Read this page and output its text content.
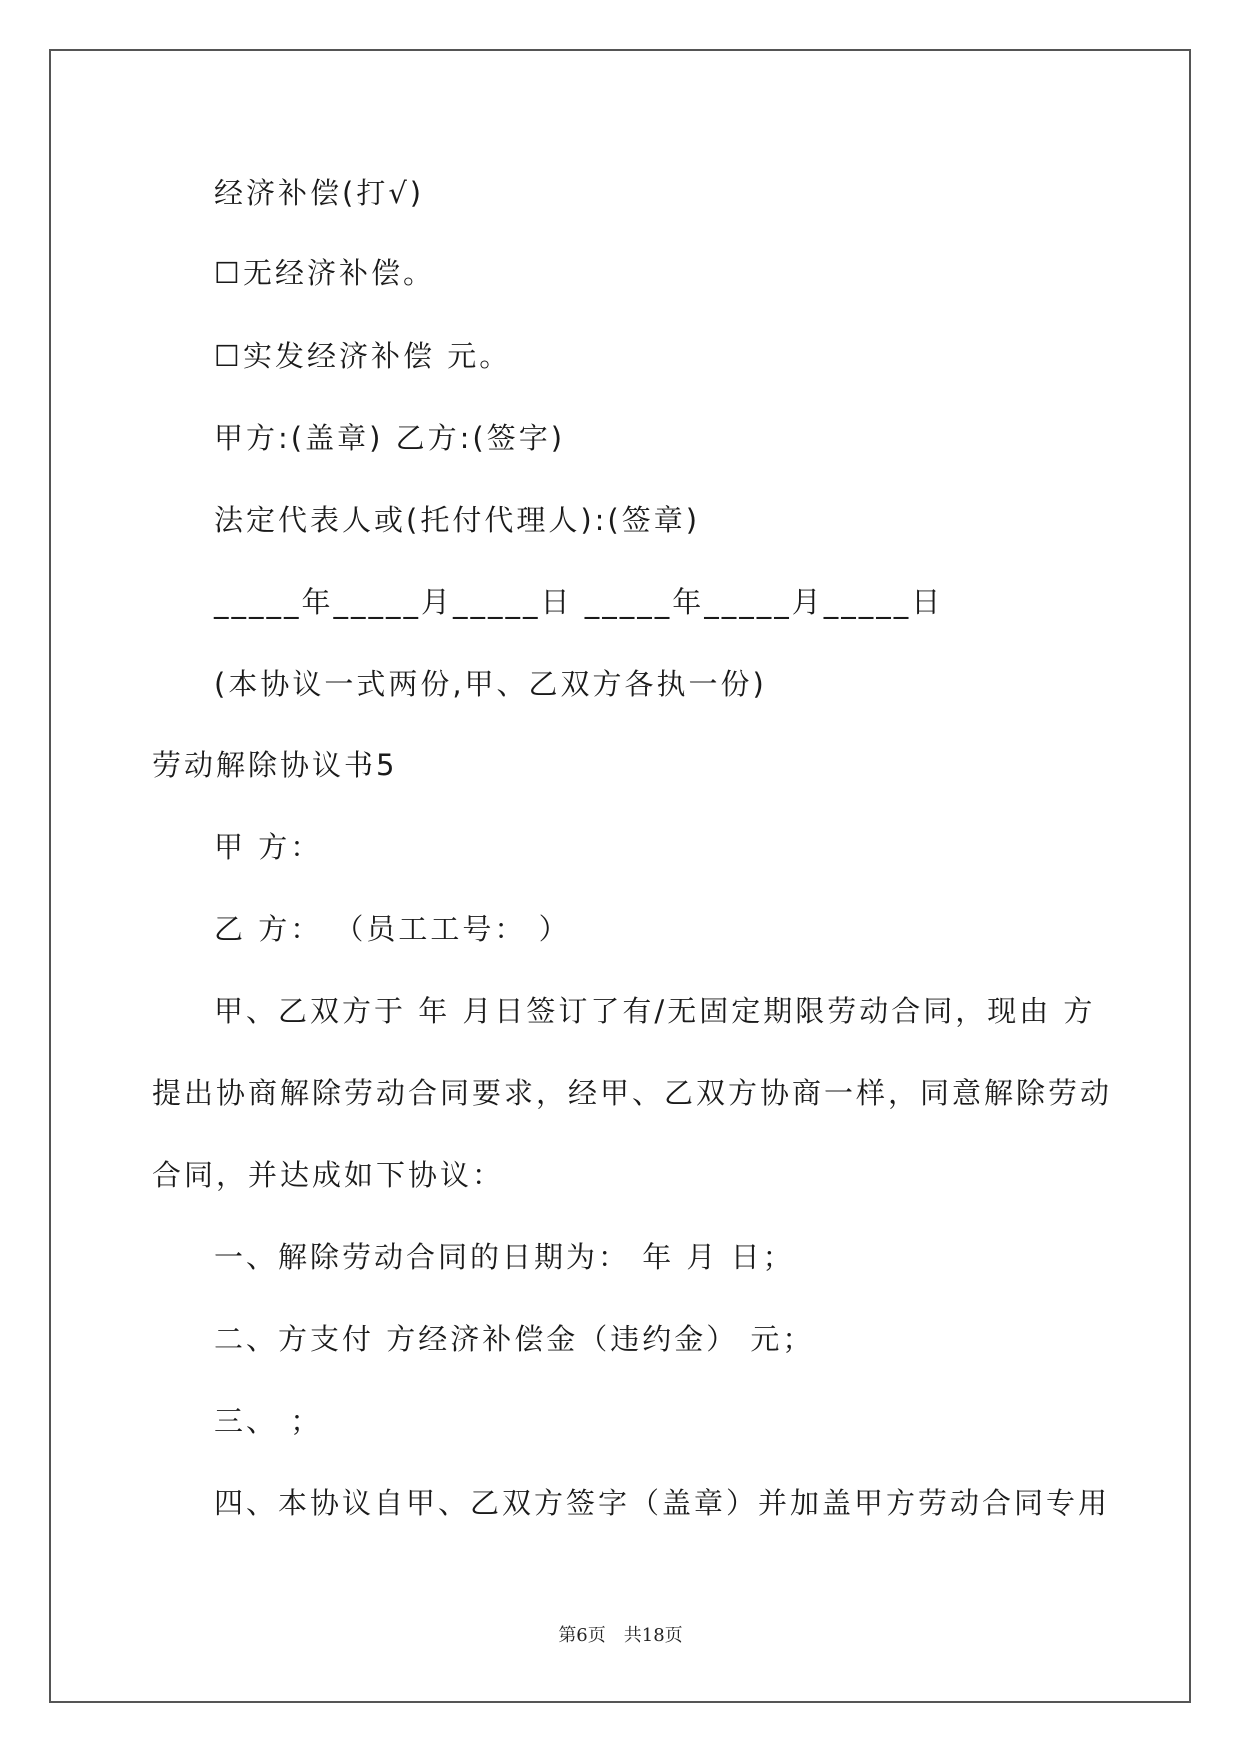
经济补偿(打√)
☐无经济补偿。
☐实发经济补偿 元。
甲方:(盖章) 乙方:(签字)
法定代表人或(托付代理人):(签章)
_____年_____月_____日 _____年_____月_____日
(本协议一式两份,甲、乙双方各执一份)
劳动解除协议书5
甲 方：
乙 方： （员工工号： ）
甲、乙双方于 年 月日签订了有/无固定期限劳动合同，现由 方
提出协商解除劳动合同要求，经甲、乙双方协商一样，同意解除劳动
合同，并达成如下协议：
一、解除劳动合同的日期为： 年 月 日；
二、方支付 方经济补偿金（违约金） 元；
三、 ；
四、本协议自甲、乙双方签字（盖章）并加盖甲方劳动合同专用
第6页　共18页
